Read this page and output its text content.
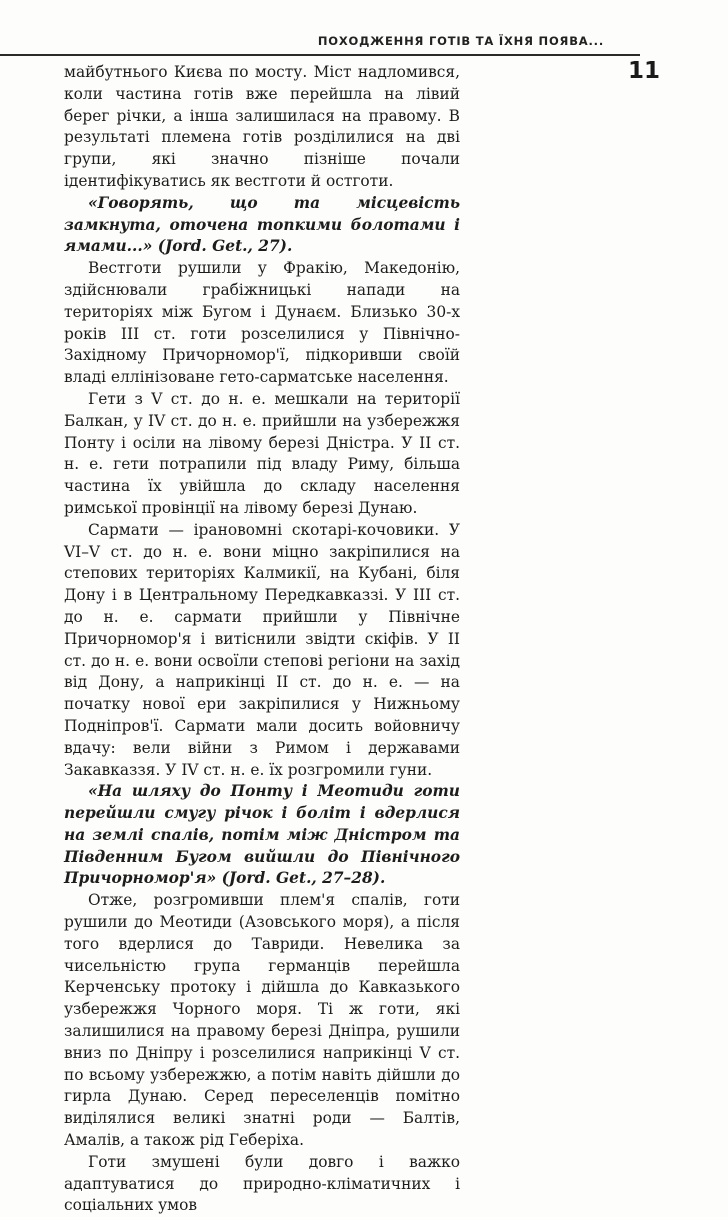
ПОХОДЖЕННЯ ГОТІВ ТА ЇХНЯ ПОЯВА...
11

майбутнього Києва по мосту. Міст надломився, коли частина готів вже перейшла на лівий берег річки, а інша залишилася на правому. В результаті племена готів розділилися на дві групи, які значно пізніше почали ідентифікуватись як вестготи й остготи.

«Говорять, що та місцевість замкнута, оточена топкими болотами і ямами...» (Jord. Get., 27).

Вестготи рушили у Фракію, Македонію, здійснювали грабіжницькі напади на територіях між Бугом і Дунаєм. Близько 30-х років III ст. готи розселилися у Північно-Західному Причорномор'ї, підкоривши своїй владі еллінізоване гето-сарматське населення.

Гети з V ст. до н. е. мешкали на території Балкан, у IV ст. до н. е. прийшли на узбережжя Понту і осіли на лівому березі Дністра. У II ст. н. е. гети потрапили під владу Риму, більша частина їх увійшла до складу населення римської провінції на лівому березі Дунаю.

Сармати — ірановомні скотарі-кочовики. У VI–V ст. до н. е. вони міцно закріпилися на степових територіях Калмикії, на Кубані, біля Дону і в Центральному Передкавказзі. У III ст. до н. е. сармати прийшли у Північне Причорномор'я і витіснили звідти скіфів. У II ст. до н. е. вони освоїли степові регіони на захід від Дону, а наприкінці II ст. до н. е. — на початку нової ери закріпилися у Нижньому Подніпров'ї. Сармати мали досить войовничу вдачу: вели війни з Римом і державами Закавказзя. У IV ст. н. е. їх розгромили гуни.

«На шляху до Понту і Меотиди готи перейшли смугу річок і боліт і вдерлися на землі спалів, потім між Дністром та Південним Бугом вийшли до Північного Причорномор'я» (Jord. Get., 27–28).

Отже, розгромивши плем'я спалів, готи рушили до Меотиди (Азовського моря), а після того вдерлися до Тавриди. Невелика за чисельністю група германців перейшла Керченську протоку і дійшла до Кавказького узбережжя Чорного моря. Ті ж готи, які залишилися на правому березі Дніпра, рушили вниз по Дніпру і розселилися наприкінці V ст. по всьому узбережжю, а потім навіть дійшли до гирла Дунаю. Серед переселенців помітно виділялися великі знатні роди — Балтів, Амалів, а також рід Геберіха.

Готи змушені були довго і важко адаптуватися до природно-кліматичних і соціальних умов
